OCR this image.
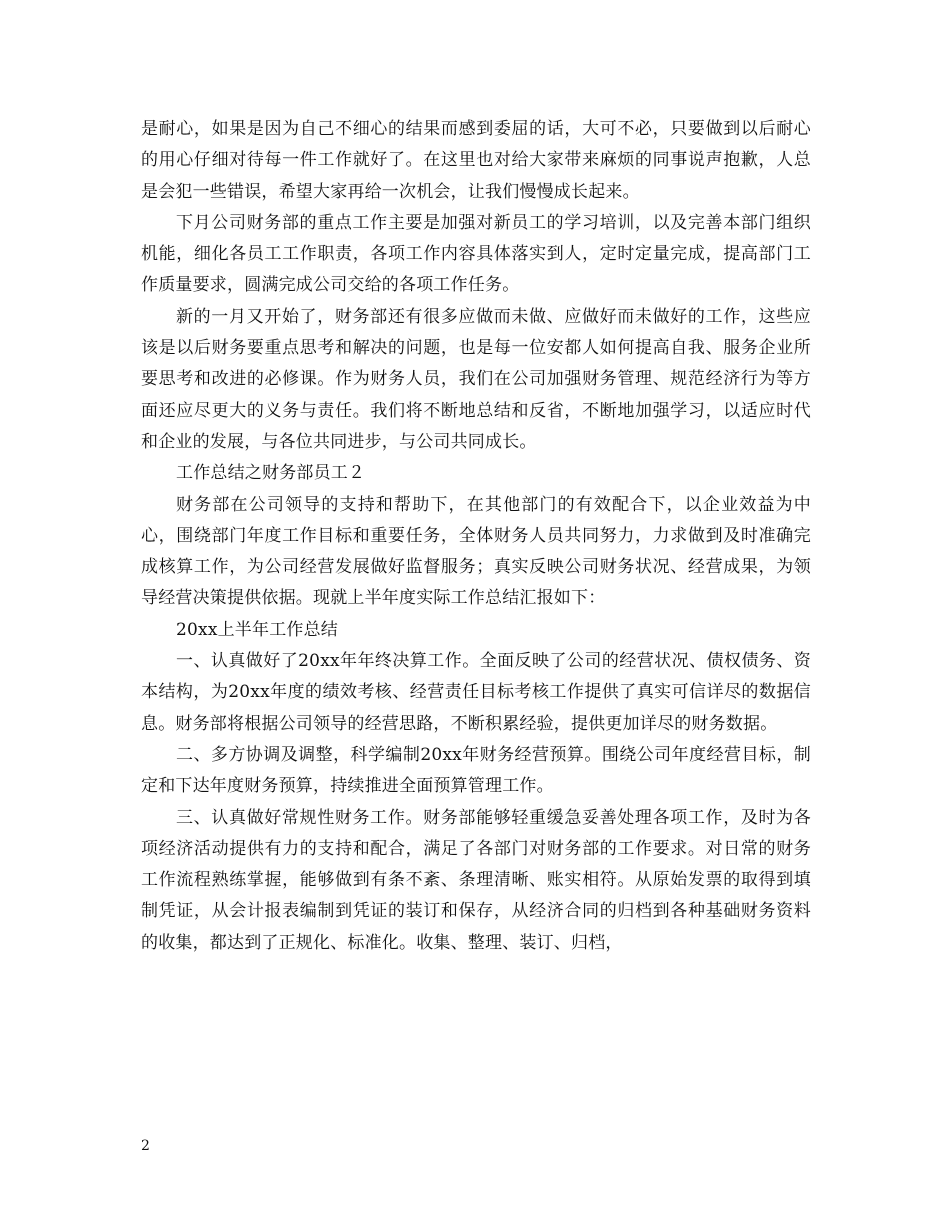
是耐心，如果是因为自己不细心的结果而感到委屈的话，大可不必，只要做到以后耐心的用心仔细对待每一件工作就好了。在这里也对给大家带来麻烦的同事说声抱歉，人总是会犯一些错误，希望大家再给一次机会，让我们慢慢成长起来。

下月公司财务部的重点工作主要是加强对新员工的学习培训，以及完善本部门组织机能，细化各员工工作职责，各项工作内容具体落实到人，定时定量完成，提高部门工作质量要求，圆满完成公司交给的各项工作任务。

新的一月又开始了，财务部还有很多应做而未做、应做好而未做好的工作，这些应该是以后财务要重点思考和解决的问题，也是每一位安都人如何提高自我、服务企业所要思考和改进的必修课。作为财务人员，我们在公司加强财务管理、规范经济行为等方面还应尽更大的义务与责任。我们将不断地总结和反省，不断地加强学习，以适应时代和企业的发展，与各位共同进步，与公司共同成长。

工作总结之财务部员工２

财务部在公司领导的支持和帮助下，在其他部门的有效配合下，以企业效益为中心，围绕部门年度工作目标和重要任务，全体财务人员共同努力，力求做到及时准确完成核算工作，为公司经营发展做好监督服务；真实反映公司财务状况、经营成果，为领导经营决策提供依据。现就上半年度实际工作总结汇报如下：

20xx上半年工作总结

一、认真做好了20xx年年终决算工作。全面反映了公司的经营状况、债权债务、资本结构，为20xx年度的绩效考核、经营责任目标考核工作提供了真实可信详尽的数据信息。财务部将根据公司领导的经营思路，不断积累经验，提供更加详尽的财务数据。

二、多方协调及调整，科学编制20xx年财务经营预算。围绕公司年度经营目标，制定和下达年度财务预算，持续推进全面预算管理工作。

三、认真做好常规性财务工作。财务部能够轻重缓急妥善处理各项工作，及时为各项经济活动提供有力的支持和配合，满足了各部门对财务部的工作要求。对日常的财务工作流程熟练掌握，能够做到有条不紊、条理清晰、账实相符。从原始发票的取得到填制凭证，从会计报表编制到凭证的装订和保存，从经济合同的归档到各种基础财务资料的收集，都达到了正规化、标准化。收集、整理、装订、归档，

2
